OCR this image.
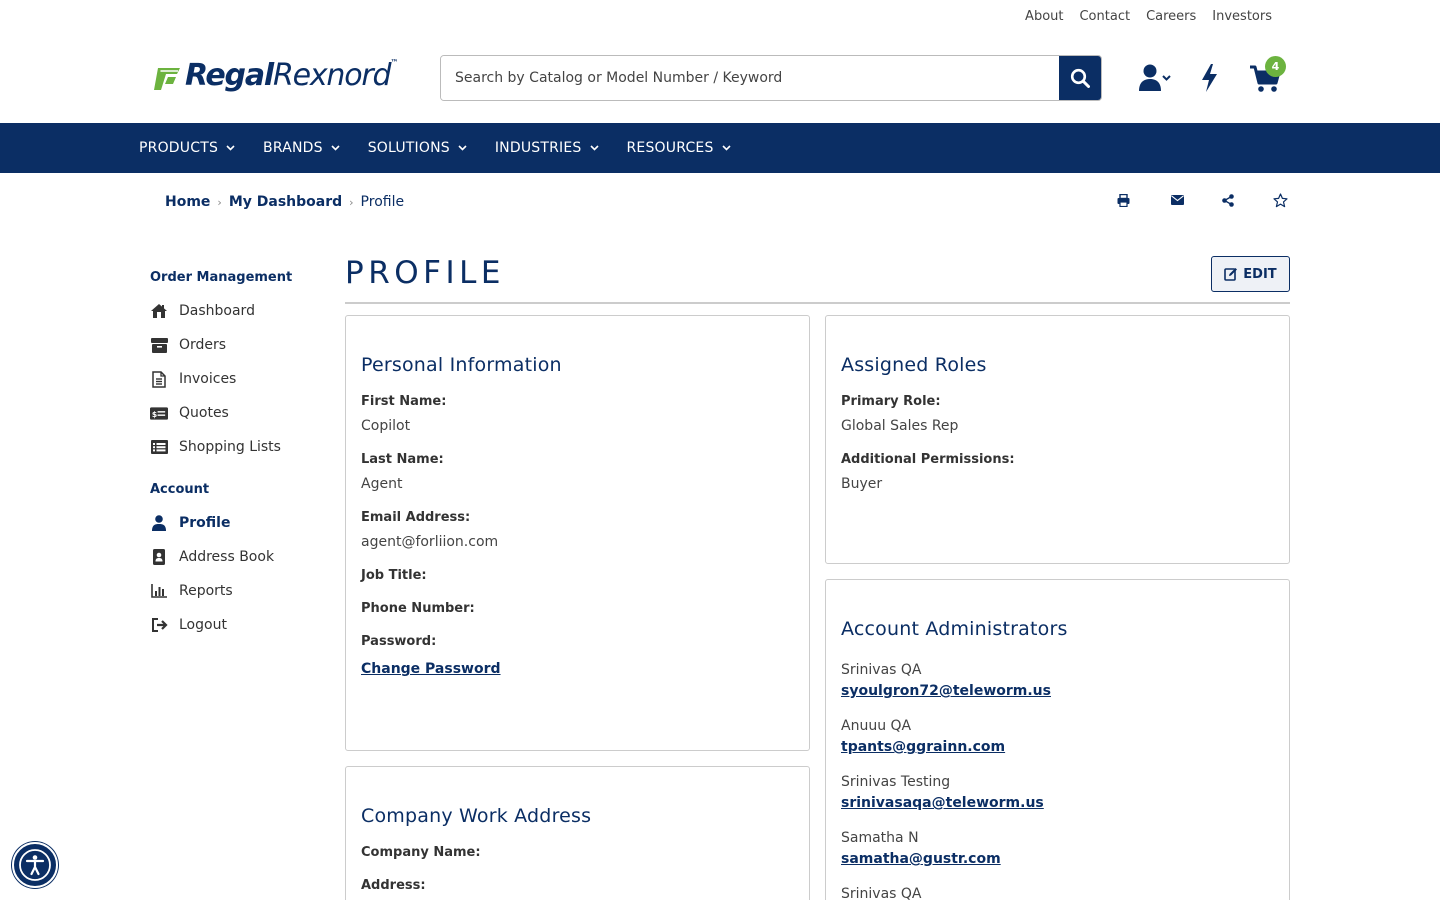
About Contact Careers Investors
RegalRexnord™
Search by Catalog or Model Number / Keyword	4
PRODUCTS	BRANDS	SOLUTIONS	INDUSTRIES	RESOURCES
Home › My Dashboard › Profile
Order Management
Dashboard
Orders
Invoices
$ Quotes
Shopping Lists
Account
Profile
Address Book
Reports
Logout
PROFILE	EDIT
Personal Information
First Name:
Copilot
Last Name:
Agent
Email Address:
agent@forliion.com
Job Title:
Phone Number:
Password:
Change Password
Company Work Address
Company Name:
Address:
Assigned Roles
Primary Role:
Global Sales Rep
Additional Permissions:
Buyer
Account Administrators
Srinivas QA
syoulgron72@teleworm.us
Anuuu QA
tpants@ggrainn.com
Srinivas Testing
srinivasaqa@teleworm.us
Samatha N
samatha@gustr.com
Srinivas QA
